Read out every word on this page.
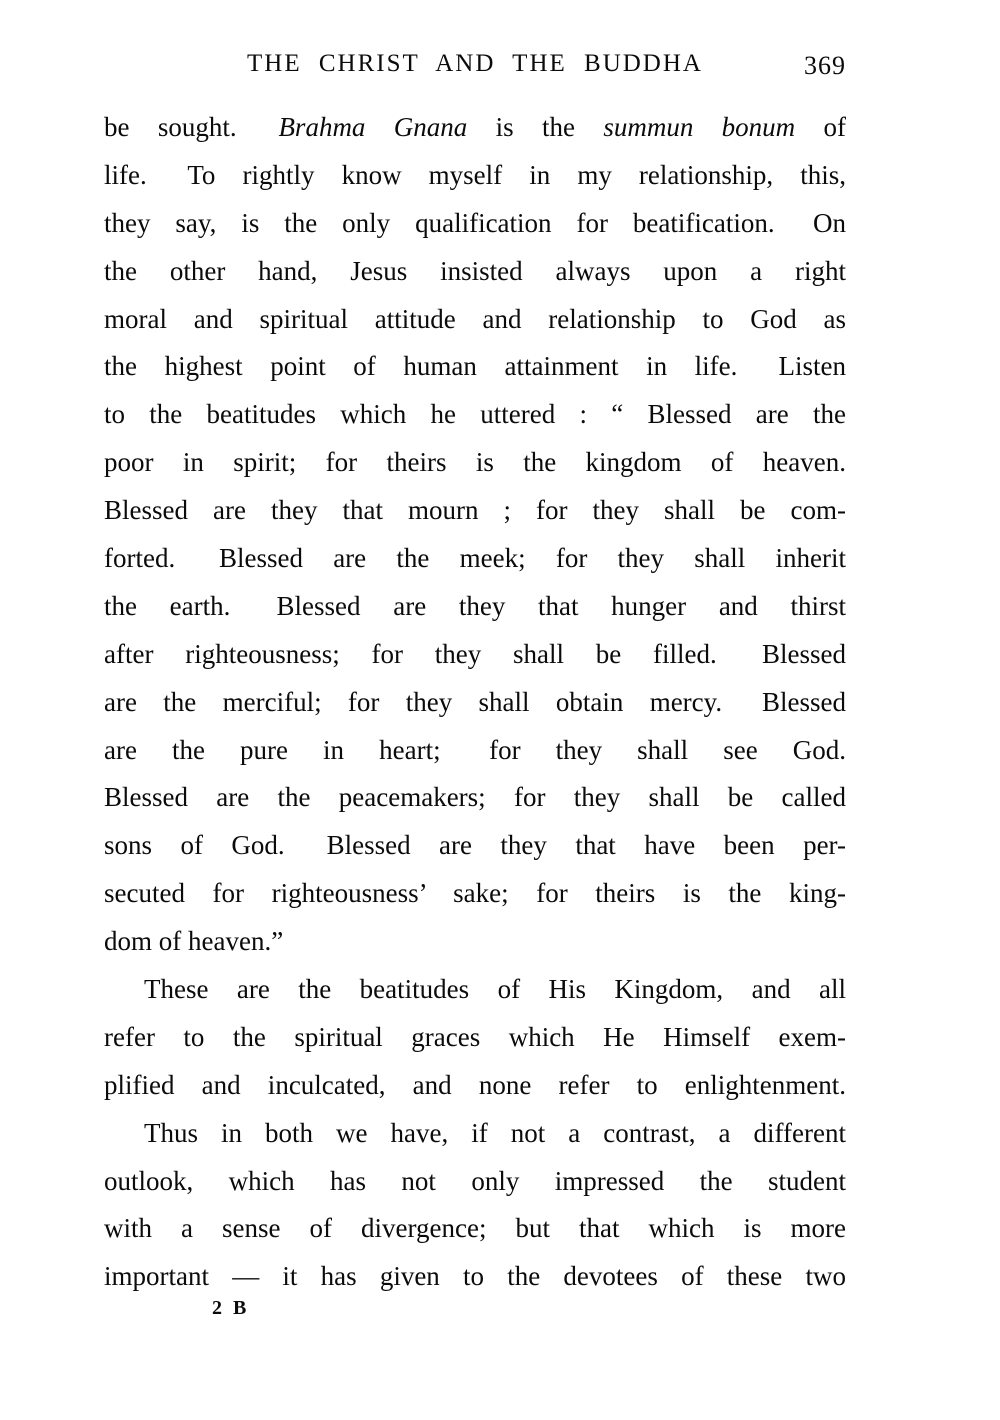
THE CHRIST AND THE BUDDHA	369

be sought.  Brahma Gnana is the summun bonum of

life.  To rightly know myself in my relationship, this,

they say, is the only qualification for beatification.  On

the other hand, Jesus insisted always upon a right

moral and spiritual attitude and relationship to God as

the highest point of human attainment in life.  Listen

to the beatitudes which he uttered : “ Blessed are the

poor in spirit; for theirs is the kingdom of heaven.

Blessed are they that mourn ; for they shall be com-

forted.  Blessed are the meek; for they shall inherit

the earth.  Blessed are they that hunger and thirst

after righteousness; for they shall be filled.  Blessed

are the merciful; for they shall obtain mercy.  Blessed

are the pure in heart;  for they shall see God.

Blessed are the peacemakers; for they shall be called

sons of God.  Blessed are they that have been per-

secuted for righteousness’ sake; for theirs is the king-

dom of heaven.”

These are the beatitudes of His Kingdom, and all

refer to the spiritual graces which He Himself exem-

plified and inculcated, and none refer to enlightenment.

Thus in both we have, if not a contrast, a different

outlook, which has not only impressed the student

with a sense of divergence; but that which is more

important — it has given to the devotees of these two

2 B
